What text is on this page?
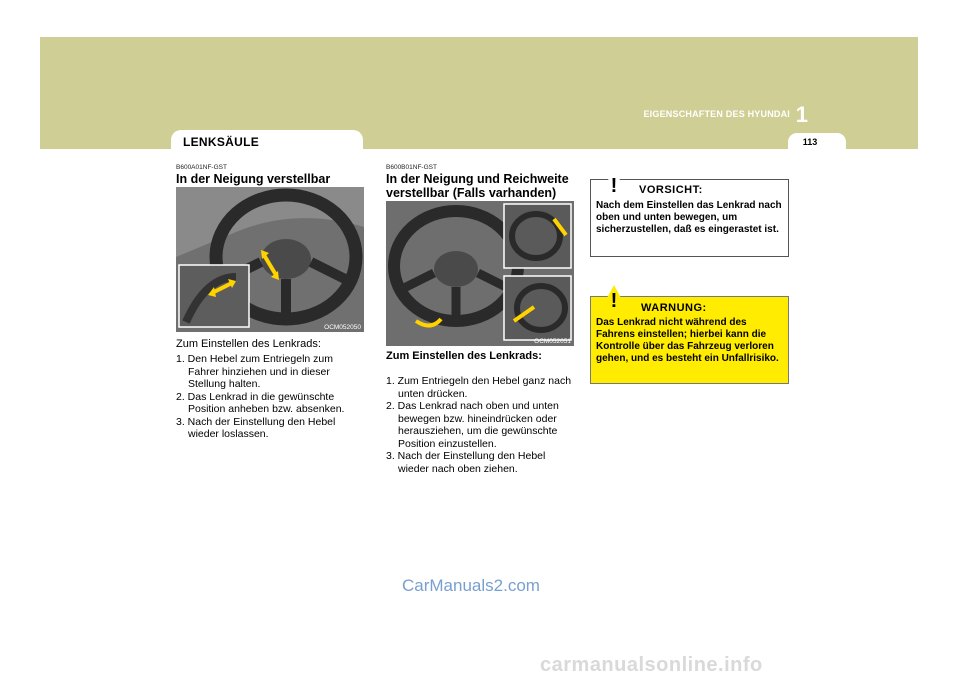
EIGENSCHAFTEN DES HYUNDAI 1
113
LENKSÄULE
B600A01NF-GST
In der Neigung verstellbar
OCM052050
Zum Einstellen des Lenkrads:
1. Den Hebel zum Entriegeln zum Fahrer hinziehen und in dieser Stellung halten.
2. Das Lenkrad in die gewünschte Position anheben bzw. absenken.
3. Nach der Einstellung den Hebel wieder loslassen.
B600B01NF-GST
In der Neigung und Reichweite
verstellbar (Falls varhanden)
OCM052051
Zum Einstellen des Lenkrads:
1. Zum Entriegeln den Hebel ganz nach unten drücken.
2. Das Lenkrad nach oben und unten bewegen bzw. hineindrücken oder herausziehen, um die gewünschte Position einzustellen.
3. Nach der Einstellung den Hebel wieder nach oben ziehen.
! VORSICHT:
Nach dem Einstellen das Lenkrad nach oben und unten bewegen, um sicherzustellen, daß es eingerastet ist.
! WARNUNG:
Das Lenkrad nicht während des Fahrens einstellen; hierbei kann die Kontrolle über das Fahrzeug verloren gehen, und es besteht ein Unfallrisiko.
CarManuals2.com
carmanualsonline.info
